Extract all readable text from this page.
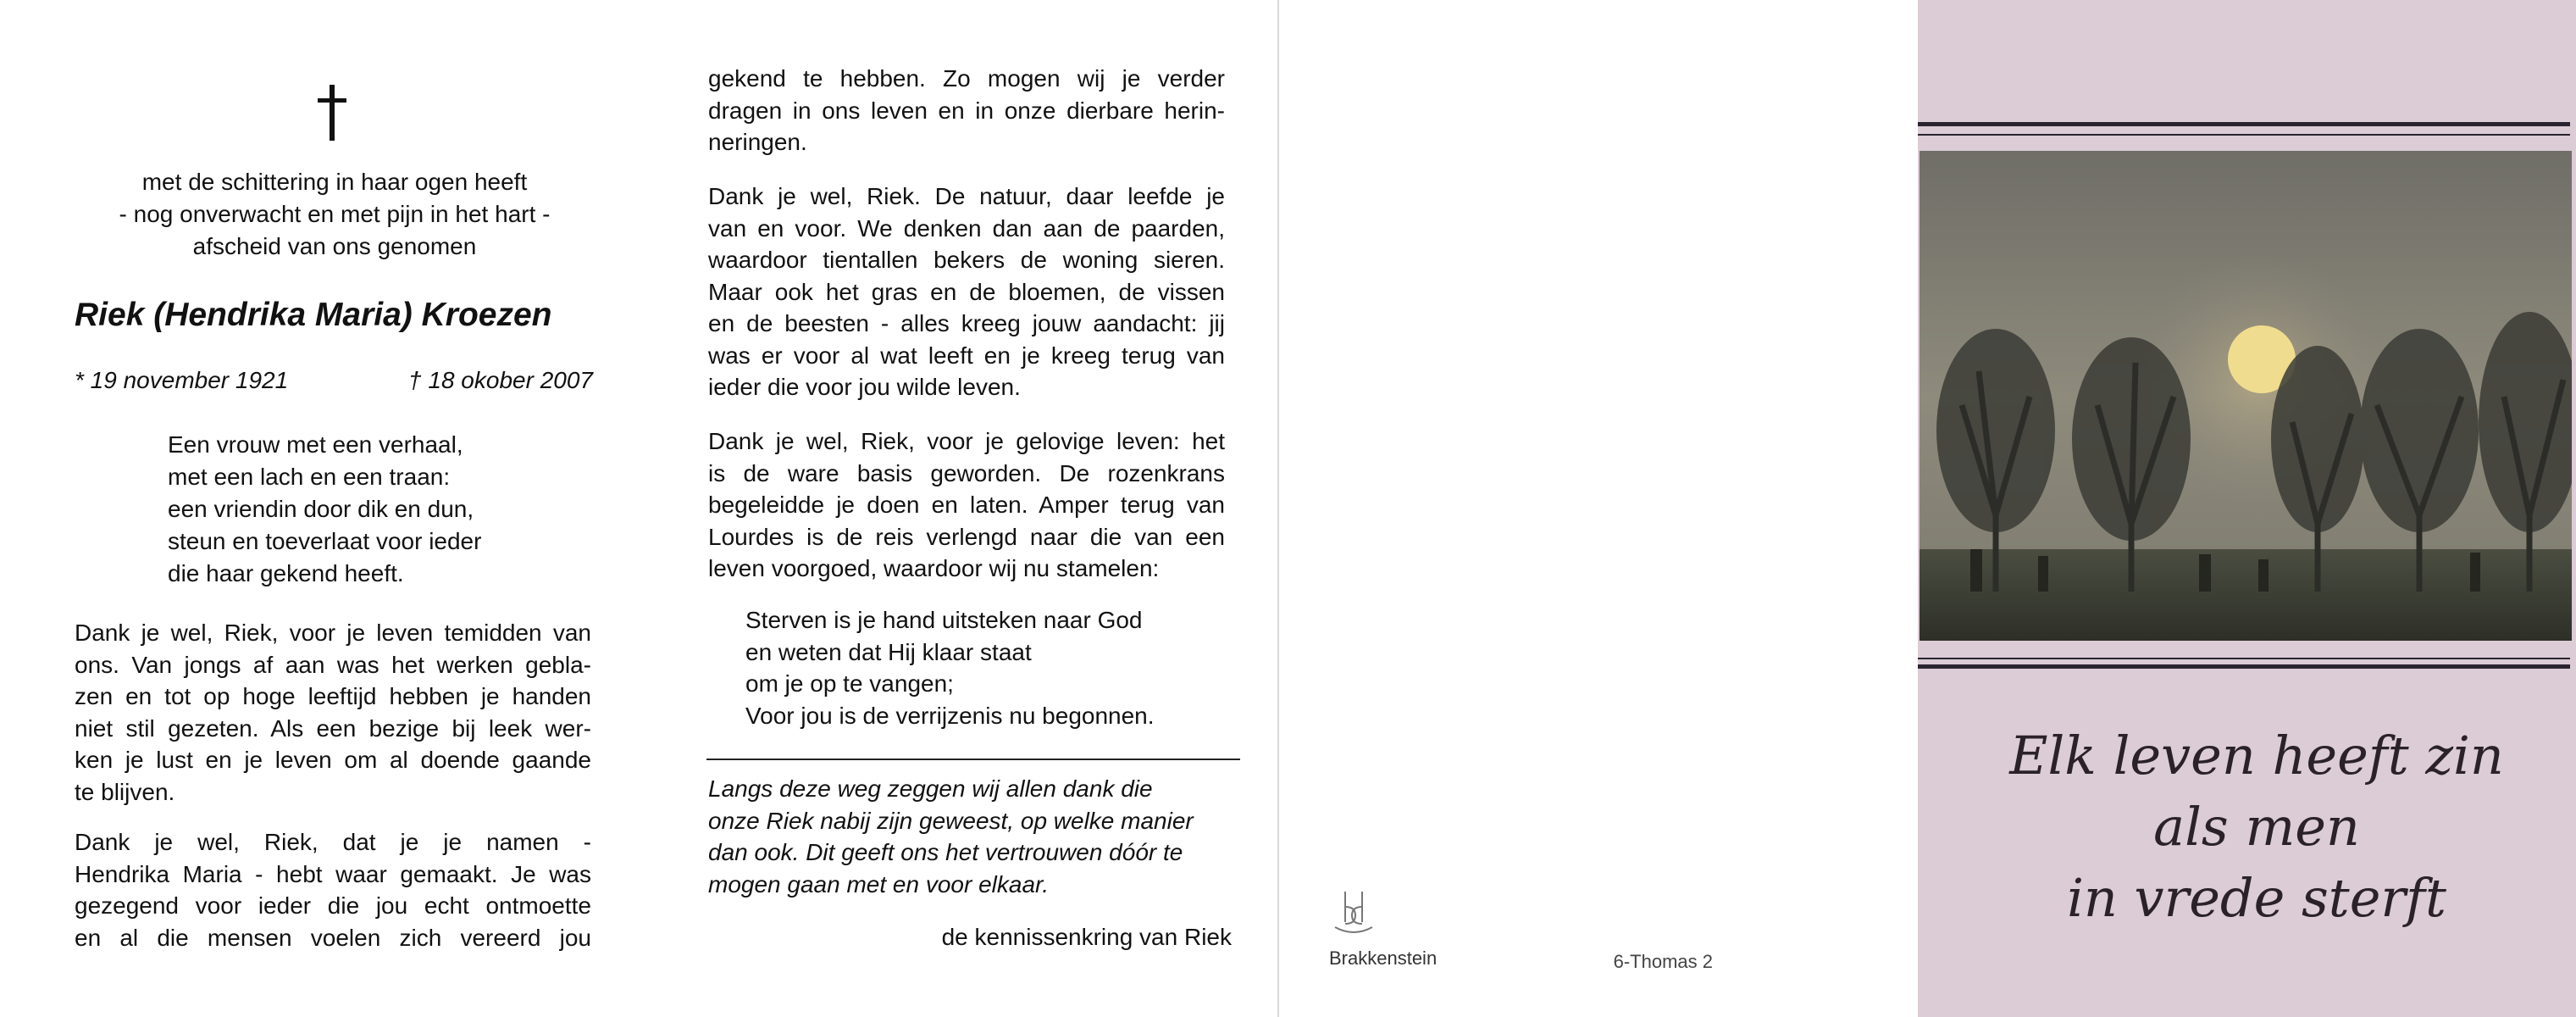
met de schittering in haar ogen heeft
- nog onverwacht en met pijn in het hart -
afscheid van ons genomen
Riek (Hendrika Maria) Kroezen
* 19 november 1921	† 18 okober 2007
Een vrouw met een verhaal,
met een lach en een traan:
een vriendin door dik en dun,
steun en toeverlaat voor ieder
die haar gekend heeft.
Dank je wel, Riek, voor je leven temidden van
ons. Van jongs af aan was het werken gebla-
zen en tot op hoge leeftijd hebben je handen
niet stil gezeten. Als een bezige bij leek wer-
ken je lust en je leven om al doende gaande
te blijven.
Dank je wel, Riek, dat je je namen -
Hendrika Maria - hebt waar gemaakt. Je was
gezegend voor ieder die jou echt ontmoette
en al die mensen voelen zich vereerd jou
gekend te hebben. Zo mogen wij je verder
dragen in ons leven en in onze dierbare herin-
neringen.
Dank je wel, Riek. De natuur, daar leefde je
van en voor. We denken dan aan de paarden,
waardoor tientallen bekers de woning sieren.
Maar ook het gras en de bloemen, de vissen
en de beesten - alles kreeg jouw aandacht: jij
was er voor al wat leeft en je kreeg terug van
ieder die voor jou wilde leven.
Dank je wel, Riek, voor je gelovige leven: het
is de ware basis geworden. De rozenkrans
begeleidde je doen en laten. Amper terug van
Lourdes is de reis verlengd naar die van een
leven voorgoed, waardoor wij nu stamelen:
Sterven is je hand uitsteken naar God
en weten dat Hij klaar staat
om je op te vangen;
Voor jou is de verrijzenis nu begonnen.
Langs deze weg zeggen wij allen dank die
onze Riek nabij zijn geweest, op welke manier
dan ook. Dit geeft ons het vertrouwen dóór te
mogen gaan met en voor elkaar.
de kennissenkring van Riek
Brakkenstein	6-Thomas 2
Elk leven heeft zin
als men
in vrede sterft
